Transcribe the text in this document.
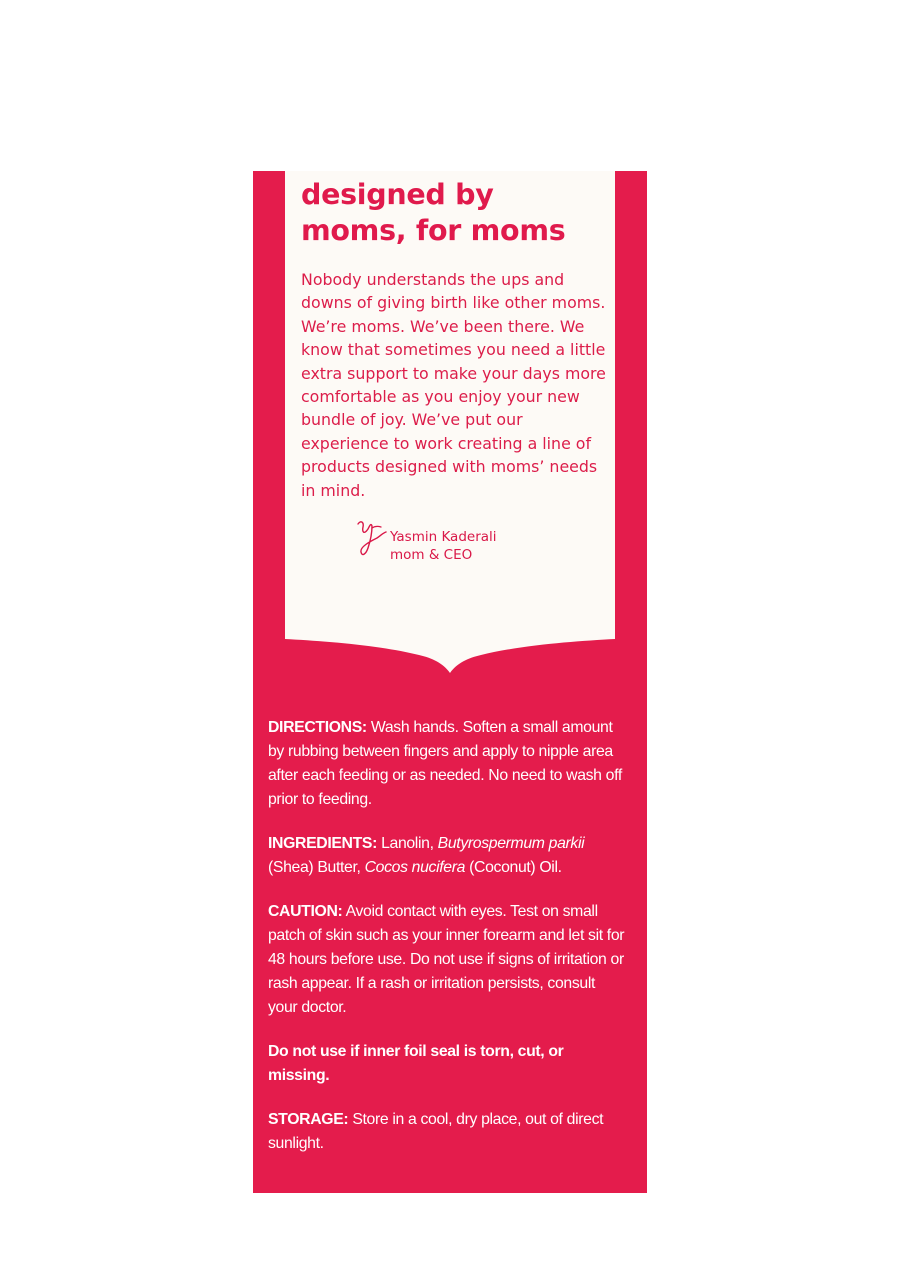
designed by
moms, for moms

Nobody understands the ups and downs of giving birth like other moms. We’re moms. We’ve been there. We know that sometimes you need a little extra support to make your days more comfortable as you enjoy your new bundle of joy. We’ve put our experience to work creating a line of products designed with moms’ needs in mind.

Yasmin Kaderali
mom & CEO

DIRECTIONS: Wash hands. Soften a small amount by rubbing between fingers and apply to nipple area after each feeding or as needed. No need to wash off prior to feeding.

INGREDIENTS: Lanolin, Butyrospermum parkii (Shea) Butter, Cocos nucifera (Coconut) Oil.

CAUTION: Avoid contact with eyes. Test on small patch of skin such as your inner forearm and let sit for 48 hours before use. Do not use if signs of irritation or rash appear. If a rash or irritation persists, consult your doctor.

Do not use if inner foil seal is torn, cut, or missing.

STORAGE: Store in a cool, dry place, out of direct sunlight.
